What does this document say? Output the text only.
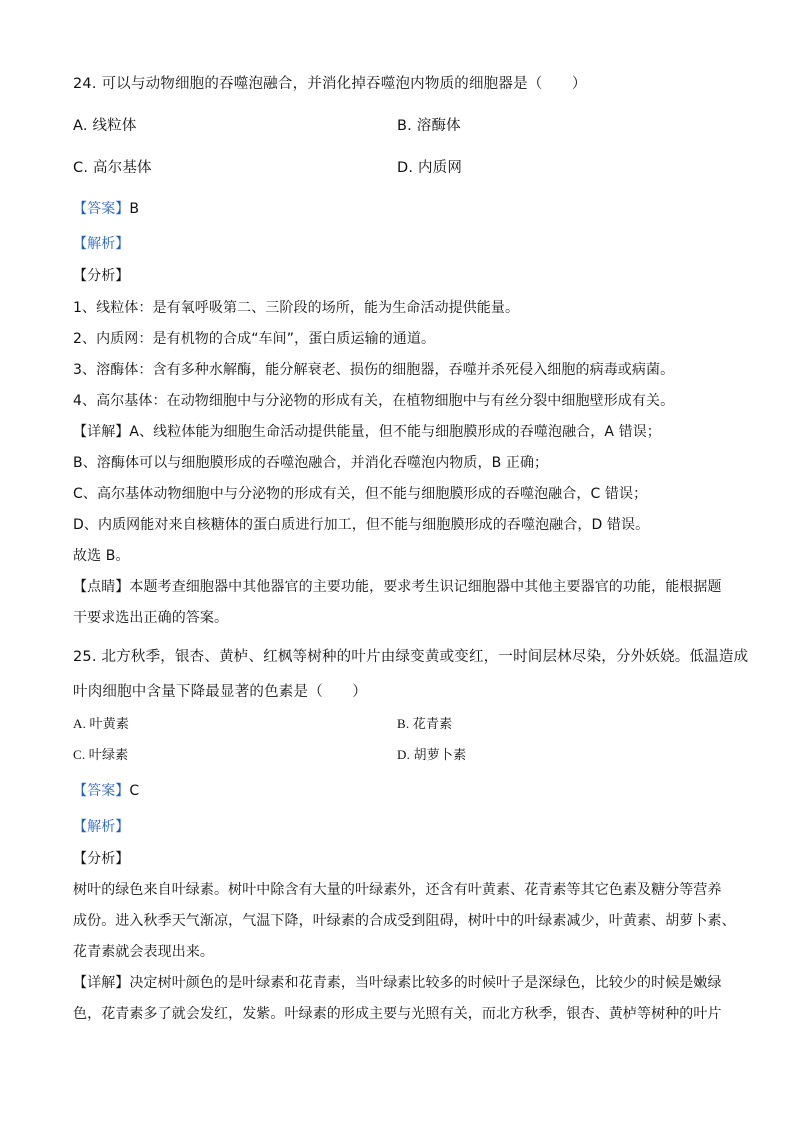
24. 可以与动物细胞的吞噬泡融合，并消化掉吞噬泡内物质的细胞器是（　　）
A. 线粒体	B. 溶酶体
C. 高尔基体	D. 内质网
【答案】B
【解析】
【分析】
1、线粒体：是有氧呼吸第二、三阶段的场所，能为生命活动提供能量。
2、内质网：是有机物的合成“车间”，蛋白质运输的通道。
3、溶酶体：含有多种水解酶，能分解衰老、损伤的细胞器，吞噬并杀死侵入细胞的病毒或病菌。
4、高尔基体：在动物细胞中与分泌物的形成有关，在植物细胞中与有丝分裂中细胞壁形成有关。
【详解】A、线粒体能为细胞生命活动提供能量，但不能与细胞膜形成的吞噬泡融合，A 错误；
B、溶酶体可以与细胞膜形成的吞噬泡融合，并消化吞噬泡内物质，B 正确；
C、高尔基体动物细胞中与分泌物的形成有关，但不能与细胞膜形成的吞噬泡融合，C 错误；
D、内质网能对来自核糖体的蛋白质进行加工，但不能与细胞膜形成的吞噬泡融合，D 错误。
故选 B。
【点睛】本题考查细胞器中其他器官的主要功能，要求考生识记细胞器中其他主要器官的功能，能根据题
干要求选出正确的答案。
25. 北方秋季，银杏、黄栌、红枫等树种的叶片由绿变黄或变红，一时间层林尽染，分外妖娆。低温造成
叶肉细胞中含量下降最显著的色素是（　　）
A. 叶黄素	B. 花青素
C. 叶绿素	D. 胡萝卜素
【答案】C
【解析】
【分析】
树叶的绿色来自叶绿素。树叶中除含有大量的叶绿素外，还含有叶黄素、花青素等其它色素及糖分等营养
成份。进入秋季天气渐凉，气温下降，叶绿素的合成受到阻碍，树叶中的叶绿素减少，叶黄素、胡萝卜素、
花青素就会表现出来。
【详解】决定树叶颜色的是叶绿素和花青素，当叶绿素比较多的时候叶子是深绿色，比较少的时候是嫩绿
色，花青素多了就会发红，发紫。叶绿素的形成主要与光照有关，而北方秋季，银杏、黄栌等树种的叶片
